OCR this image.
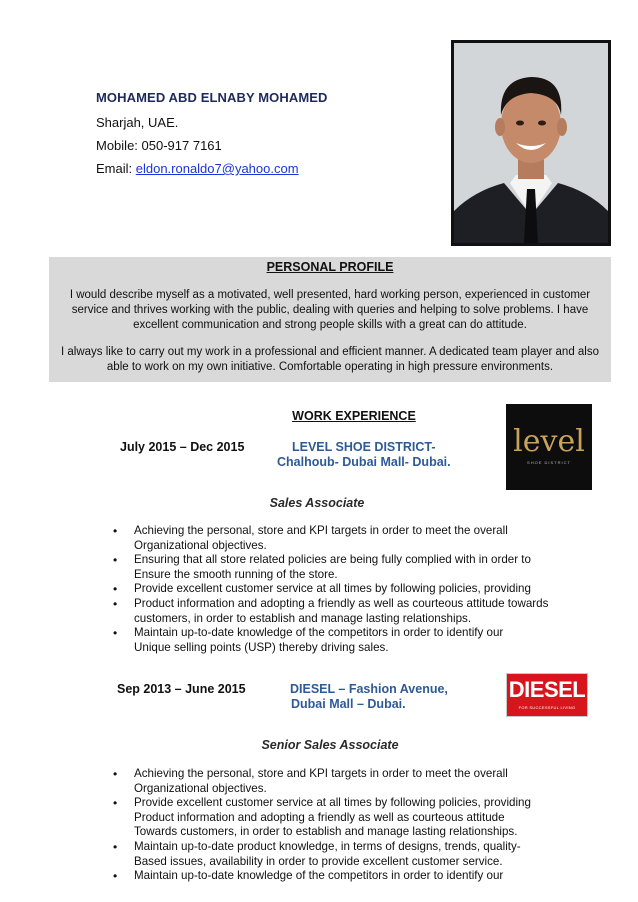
MOHAMED ABD ELNABY MOHAMED
Sharjah, UAE.
Mobile: 050-917 7161
Email: eldon.ronaldo7@yahoo.com
PERSONAL PROFILE
I would describe myself as a motivated, well presented, hard working person, experienced in customer service and thrives working with the public, dealing with queries and helping to solve problems. I have excellent communication and strong people skills with a great can do attitude.
I always like to carry out my work in a professional and efficient manner. A dedicated team player and also able to work on my own initiative. Comfortable operating in high pressure environments.
WORK EXPERIENCE
July 2015 – Dec 2015	LEVEL SHOE DISTRICT-
Chalhoub- Dubai Mall- Dubai.
level
SHOE DISTRICT
Sales Associate
• Achieving the personal, store and KPI targets in order to meet the overall
Organizational objectives.
• Ensuring that all store related policies are being fully complied with in order to
Ensure the smooth running of the store.
• Provide excellent customer service at all times by following policies, providing
• Product information and adopting a friendly as well as courteous attitude towards
customers, in order to establish and manage lasting relationships.
• Maintain up-to-date knowledge of the competitors in order to identify our
Unique selling points (USP) thereby driving sales.
Sep 2013 – June 2015	DIESEL – Fashion Avenue,
Dubai Mall – Dubai.
DIESEL
FOR SUCCESSFUL LIVING
Senior Sales Associate
• Achieving the personal, store and KPI targets in order to meet the overall
Organizational objectives.
• Provide excellent customer service at all times by following policies, providing
Product information and adopting a friendly as well as courteous attitude
Towards customers, in order to establish and manage lasting relationships.
• Maintain up-to-date product knowledge, in terms of designs, trends, quality-
Based issues, availability in order to provide excellent customer service.
• Maintain up-to-date knowledge of the competitors in order to identify our
